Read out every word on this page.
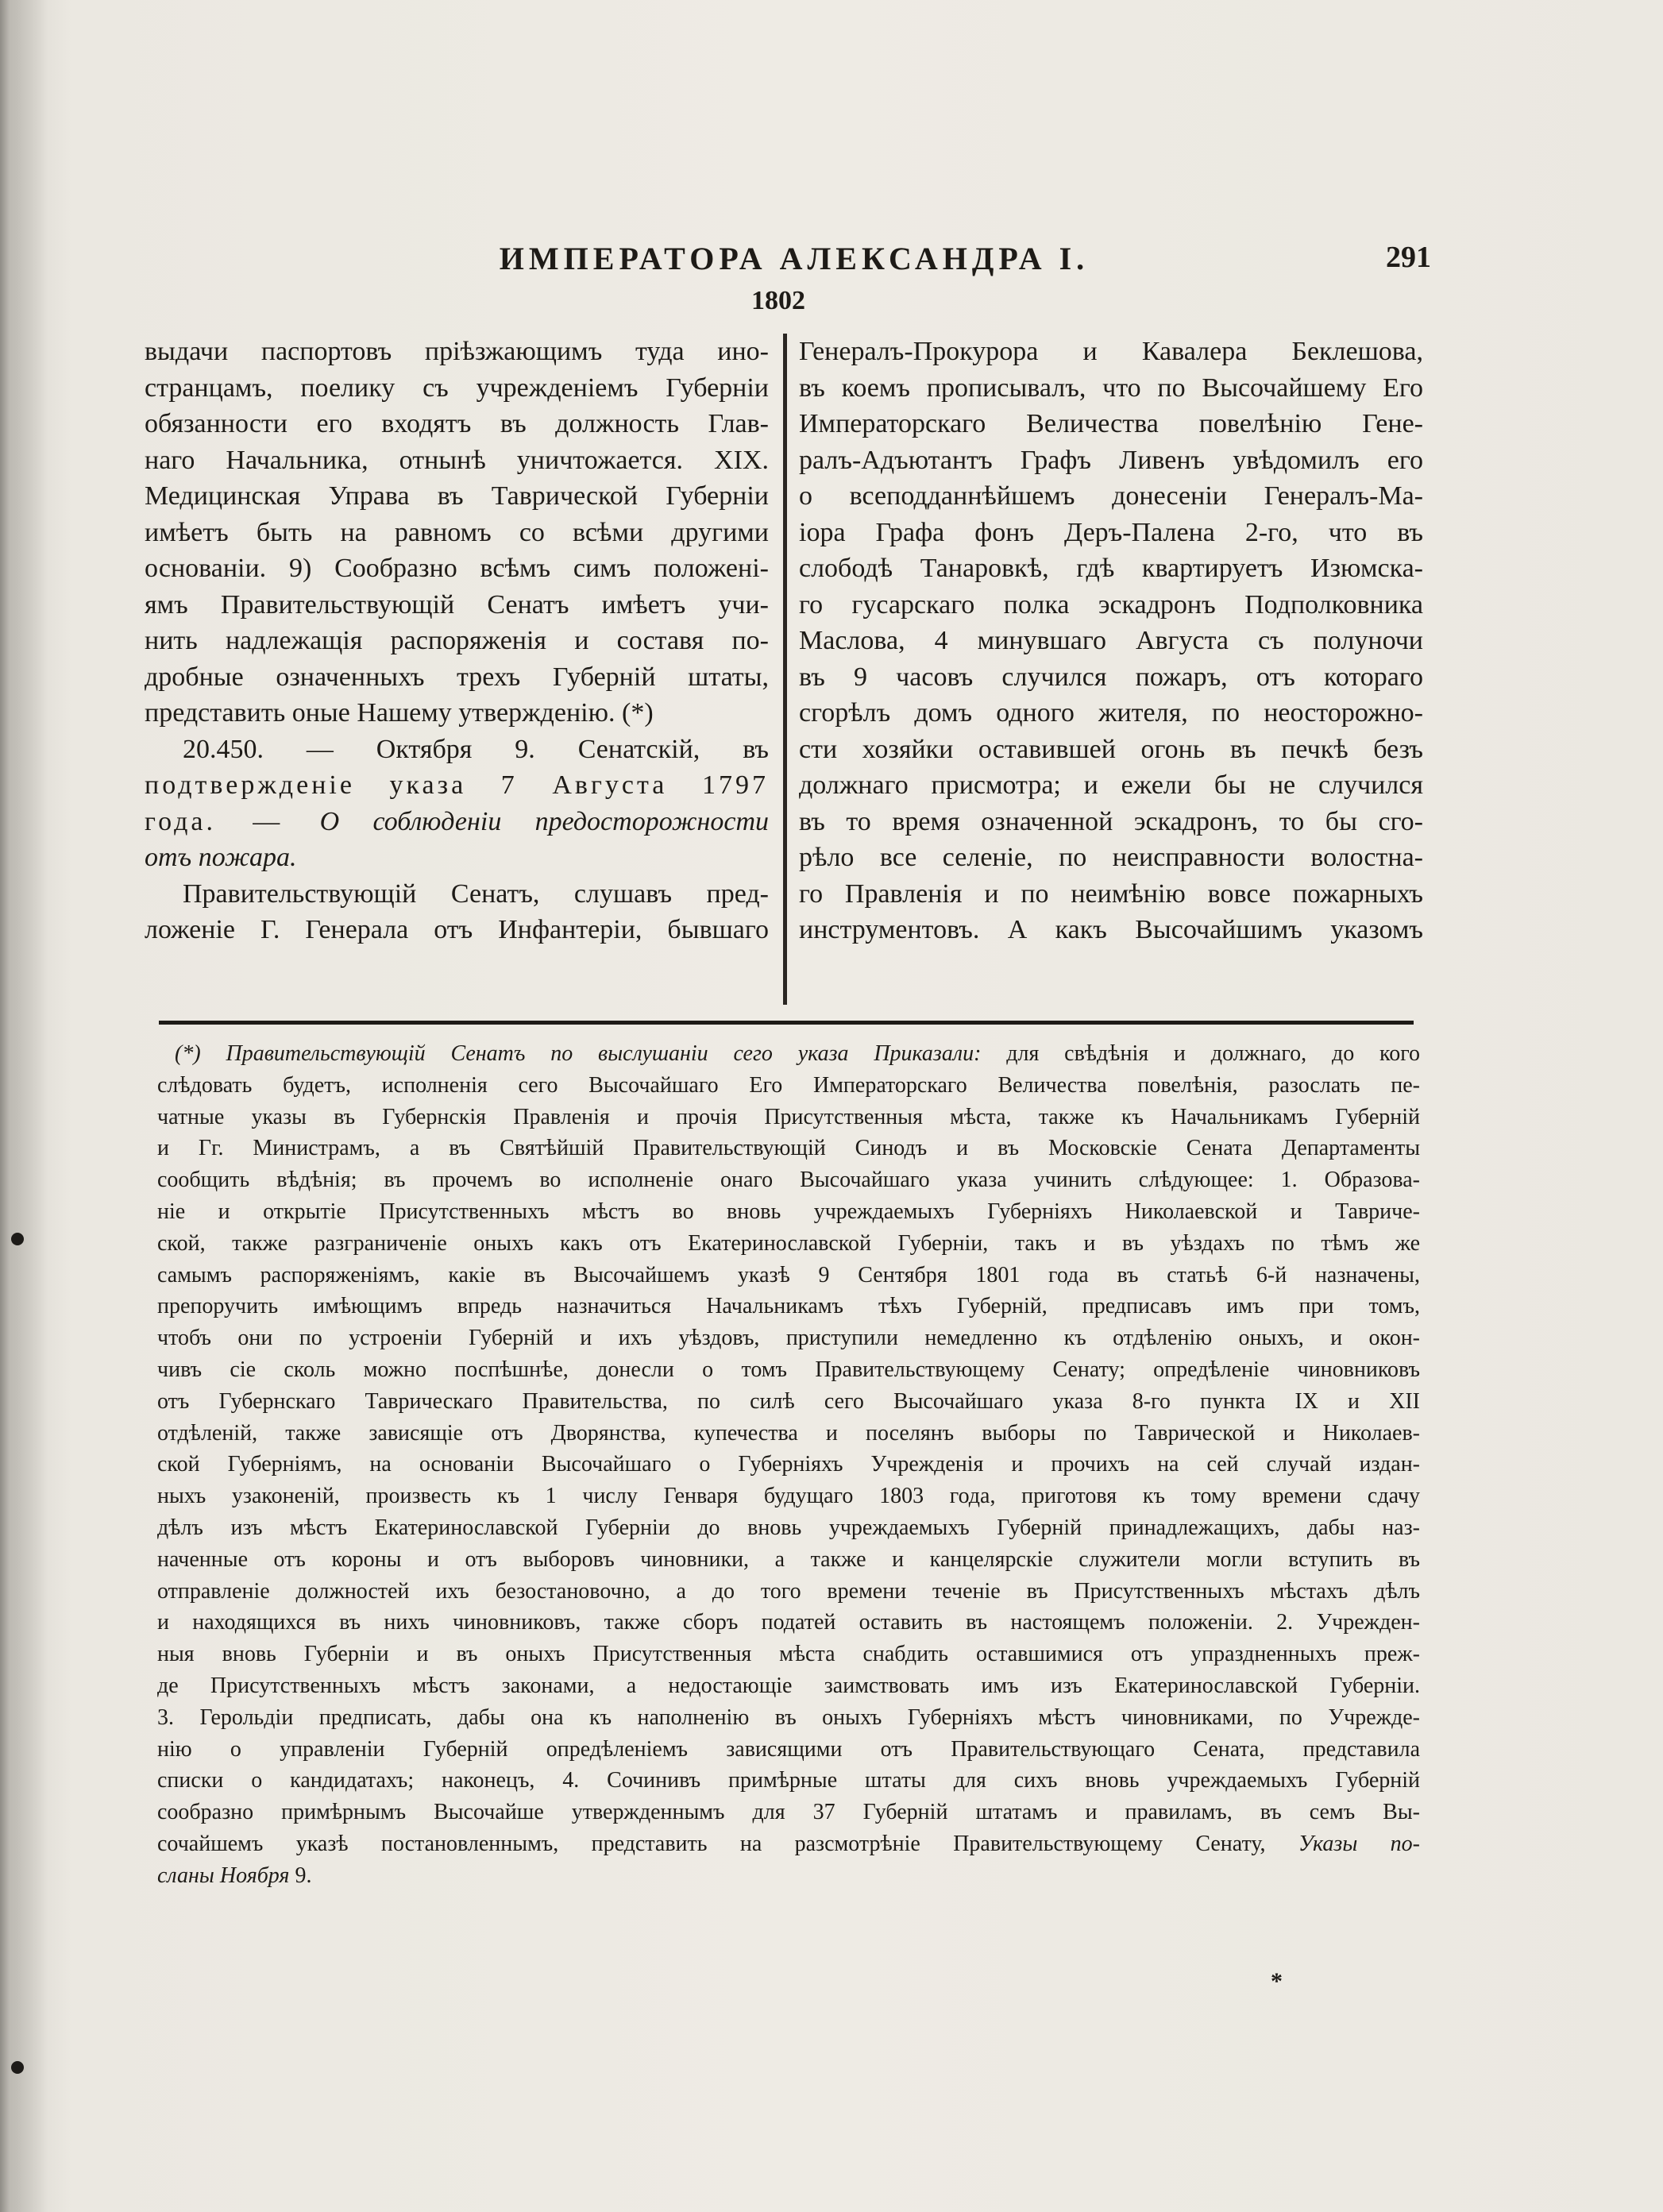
ИМПЕРАТОРА АЛЕКСАНДРА I.	291
1802
выдачи паспортовъ прiѣзжающимъ туда ино-
странцамъ, поелику съ учрежденiемъ Губернiи
обязанности его входятъ въ должность Глав-
наго Начальника, отнынѣ уничтожается. XIX.
Медицинская Управа въ Таврической Губернiи
имѣетъ быть на равномъ со всѣми другими
основанiи. 9) Сообразно всѣмъ симъ положенi-
ямъ Правительствующiй Сенатъ имѣетъ учи-
нить надлежащiя распоряженiя и составя по-
дробные означенныхъ трехъ Губернiй штаты,
представить оные Нашему утвержденiю. (*)
20.450. — Октября 9. Сенатскiй, въ
подтвержденiе указа 7 Августа 1797
года. — О соблюденiи предосторожности
отъ пожара.
Правительствующiй Сенатъ, слушавъ пред-
ложенiе Г. Генерала отъ Инфантерiи, бывшаго
Генералъ-Прокурора и Кавалера Беклешова,
въ коемъ прописывалъ, что по Высочайшему Его
Императорскаго Величества повелѣнiю Гене-
ралъ-Адъютантъ Графъ Ливенъ увѣдомилъ его
о всеподданнѣйшемъ донесенiи Генералъ-Ма-
iора Графа фонъ Деръ-Палена 2-го, что въ
слободѣ Танаровкѣ, гдѣ квартируетъ Изюмска-
го гусарскаго полка эскадронъ Подполковника
Маслова, 4 минувшаго Августа съ полуночи
въ 9 часовъ случился пожаръ, отъ котораго
сгорѣлъ домъ одного жителя, по неосторожно-
сти хозяйки оставившей огонь въ печкѣ безъ
должнаго присмотра; и ежели бы не случился
въ то время означенной эскадронъ, то бы сго-
рѣло все селенiе, по неисправности волостна-
го Правленiя и по неимѣнiю вовсе пожарныхъ
инструментовъ. А какъ Высочайшимъ указомъ
(*) Правительствующiй Сенатъ по выслушанiи сего указа Приказали: для свѣдѣнiя и должнаго, до кого
слѣдовать будетъ, исполненiя сего Высочайшаго Его Императорскаго Величества повелѣнiя, разослать пе-
чатные указы въ Губернскiя Правленiя и прочiя Присутственныя мѣста, также къ Начальникамъ Губернiй
и Гг. Министрамъ, а въ Святѣйшiй Правительствующiй Синодъ и въ Московскiе Сената Департаменты
сообщить вѣдѣнiя; въ прочемъ во исполненiе онаго Высочайшаго указа учинить слѣдующее: 1. Образова-
нiе и открытiе Присутственныхъ мѣстъ во вновь учреждаемыхъ Губернiяхъ Николаевской и Тавриче-
ской, также разграниченiе оныхъ какъ отъ Екатеринославской Губернiи, такъ и въ уѣздахъ по тѣмъ же
самымъ распоряженiямъ, какiе въ Высочайшемъ указѣ 9 Сентября 1801 года въ статьѣ 6-й назначены,
препоручить имѣющимъ впредь назначиться Начальникамъ тѣхъ Губернiй, предписавъ имъ при томъ,
чтобъ они по устроенiи Губернiй и ихъ уѣздовъ, приступили немедленно къ отдѣленiю оныхъ, и окон-
чивъ сiе сколь можно поспѣшнѣе, донесли о томъ Правительствующему Сенату; опредѣленiе чиновниковъ
отъ Губернскаго Таврическаго Правительства, по силѣ сего Высочайшаго указа 8-го пункта IX и XII
отдѣленiй, также зависящiе отъ Дворянства, купечества и поселянъ выборы по Таврической и Николаев-
ской Губернiямъ, на основанiи Высочайшаго о Губернiяхъ Учрежденiя и прочихъ на сей случай издан-
ныхъ узаконенiй, произвесть къ 1 числу Генваря будущаго 1803 года, приготовя къ тому времени сдачу
дѣлъ изъ мѣстъ Екатеринославской Губернiи до вновь учреждаемыхъ Губернiй принадлежащихъ, дабы наз-
наченные отъ короны и отъ выборовъ чиновники, а также и канцелярскiе служители могли вступить въ
отправленiе должностей ихъ безостановочно, а до того времени теченiе въ Присутственныхъ мѣстахъ дѣлъ
и находящихся въ нихъ чиновниковъ, также сборъ податей оставить въ настоящемъ положенiи. 2. Учрежден-
ныя вновь Губернiи и въ оныхъ Присутственныя мѣста снабдить оставшимися отъ упраздненныхъ преж-
де Присутственныхъ мѣстъ законами, а недостающiе заимствовать имъ изъ Екатеринославской Губернiи.
3. Герольдiи предписать, дабы она къ наполненiю въ оныхъ Губернiяхъ мѣстъ чиновниками, по Учрежде-
нiю о управленiи Губернiй опредѣленiемъ зависящими отъ Правительствующаго Сената, представила
списки о кандидатахъ; наконецъ, 4. Сочинивъ примѣрные штаты для сихъ вновь учреждаемыхъ Губернiй
сообразно примѣрнымъ Высочайше утвержденнымъ для 37 Губернiй штатамъ и правиламъ, въ семъ Вы-
сочайшемъ указѣ постановленнымъ, представить на разсмотрѣнiе Правительствующему Сенату, Указы по-
сланы Ноября 9.
*
